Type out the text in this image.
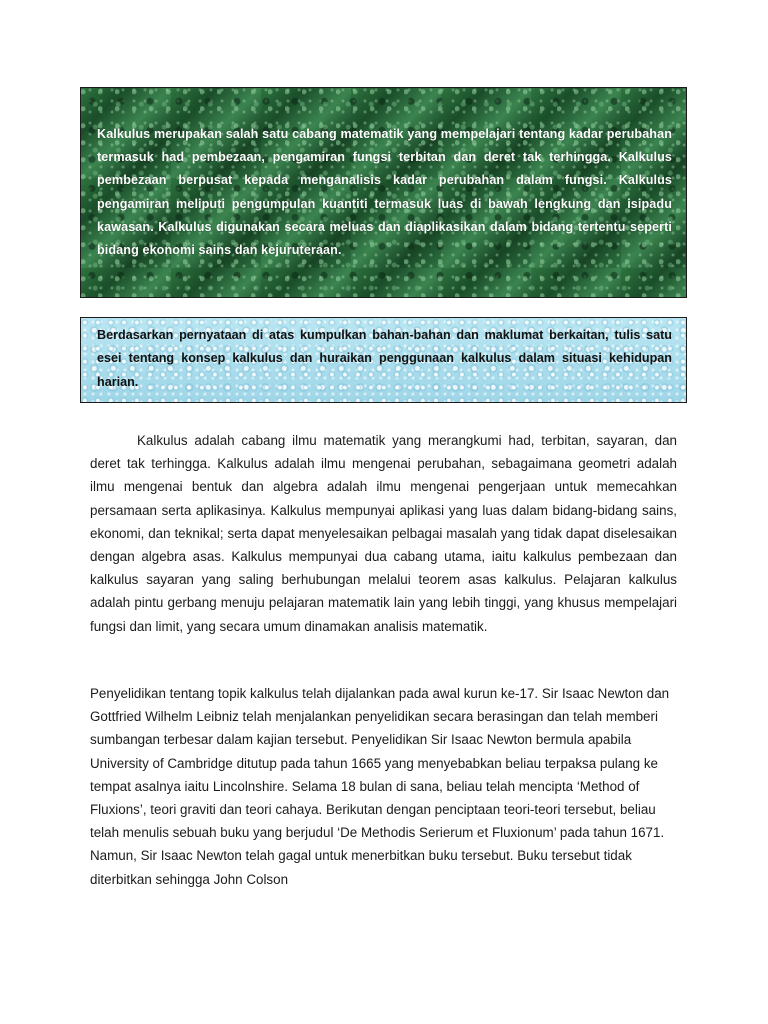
Kalkulus merupakan salah satu cabang matematik yang mempelajari tentang kadar perubahan termasuk had pembezaan, pengamiran fungsi terbitan dan deret tak terhingga. Kalkulus pembezaan berpusat kepada menganalisis kadar perubahan dalam fungsi. Kalkulus pengamiran meliputi pengumpulan kuantiti termasuk luas di bawah lengkung dan isipadu kawasan. Kalkulus digunakan secara meluas dan diaplikasikan dalam bidang tertentu seperti bidang ekonomi sains dan kejuruteraan.

Berdasarkan pernyataan di atas kumpulkan bahan-bahan dan maklumat berkaitan, tulis satu esei tentang konsep kalkulus dan huraikan penggunaan kalkulus dalam situasi kehidupan harian.

Kalkulus adalah cabang ilmu matematik yang merangkumi had, terbitan, sayaran, dan deret tak terhingga. Kalkulus adalah ilmu mengenai perubahan, sebagaimana geometri adalah ilmu mengenai bentuk dan algebra adalah ilmu mengenai pengerjaan untuk memecahkan persamaan serta aplikasinya. Kalkulus mempunyai aplikasi yang luas dalam bidang-bidang sains, ekonomi, dan teknikal; serta dapat menyelesaikan pelbagai masalah yang tidak dapat diselesaikan dengan algebra asas. Kalkulus mempunyai dua cabang utama, iaitu kalkulus pembezaan dan kalkulus sayaran yang saling berhubungan melalui teorem asas kalkulus. Pelajaran kalkulus adalah pintu gerbang menuju pelajaran matematik lain yang lebih tinggi, yang khusus mempelajari fungsi dan limit, yang secara umum dinamakan analisis matematik.

Penyelidikan tentang topik kalkulus telah dijalankan pada awal kurun ke-17. Sir Isaac Newton dan Gottfried Wilhelm Leibniz telah menjalankan penyelidikan secara berasingan dan telah memberi sumbangan terbesar dalam kajian tersebut. Penyelidikan Sir Isaac Newton bermula apabila University of Cambridge ditutup pada tahun 1665 yang menyebabkan beliau terpaksa pulang ke tempat asalnya iaitu Lincolnshire. Selama 18 bulan di sana, beliau telah mencipta ‘Method of Fluxions’, teori graviti dan teori cahaya. Berikutan dengan penciptaan teori-teori tersebut, beliau telah menulis sebuah buku yang berjudul ‘De Methodis Serierum et Fluxionum’ pada tahun 1671. Namun, Sir Isaac Newton telah gagal untuk menerbitkan buku tersebut. Buku tersebut tidak diterbitkan sehingga John Colson
